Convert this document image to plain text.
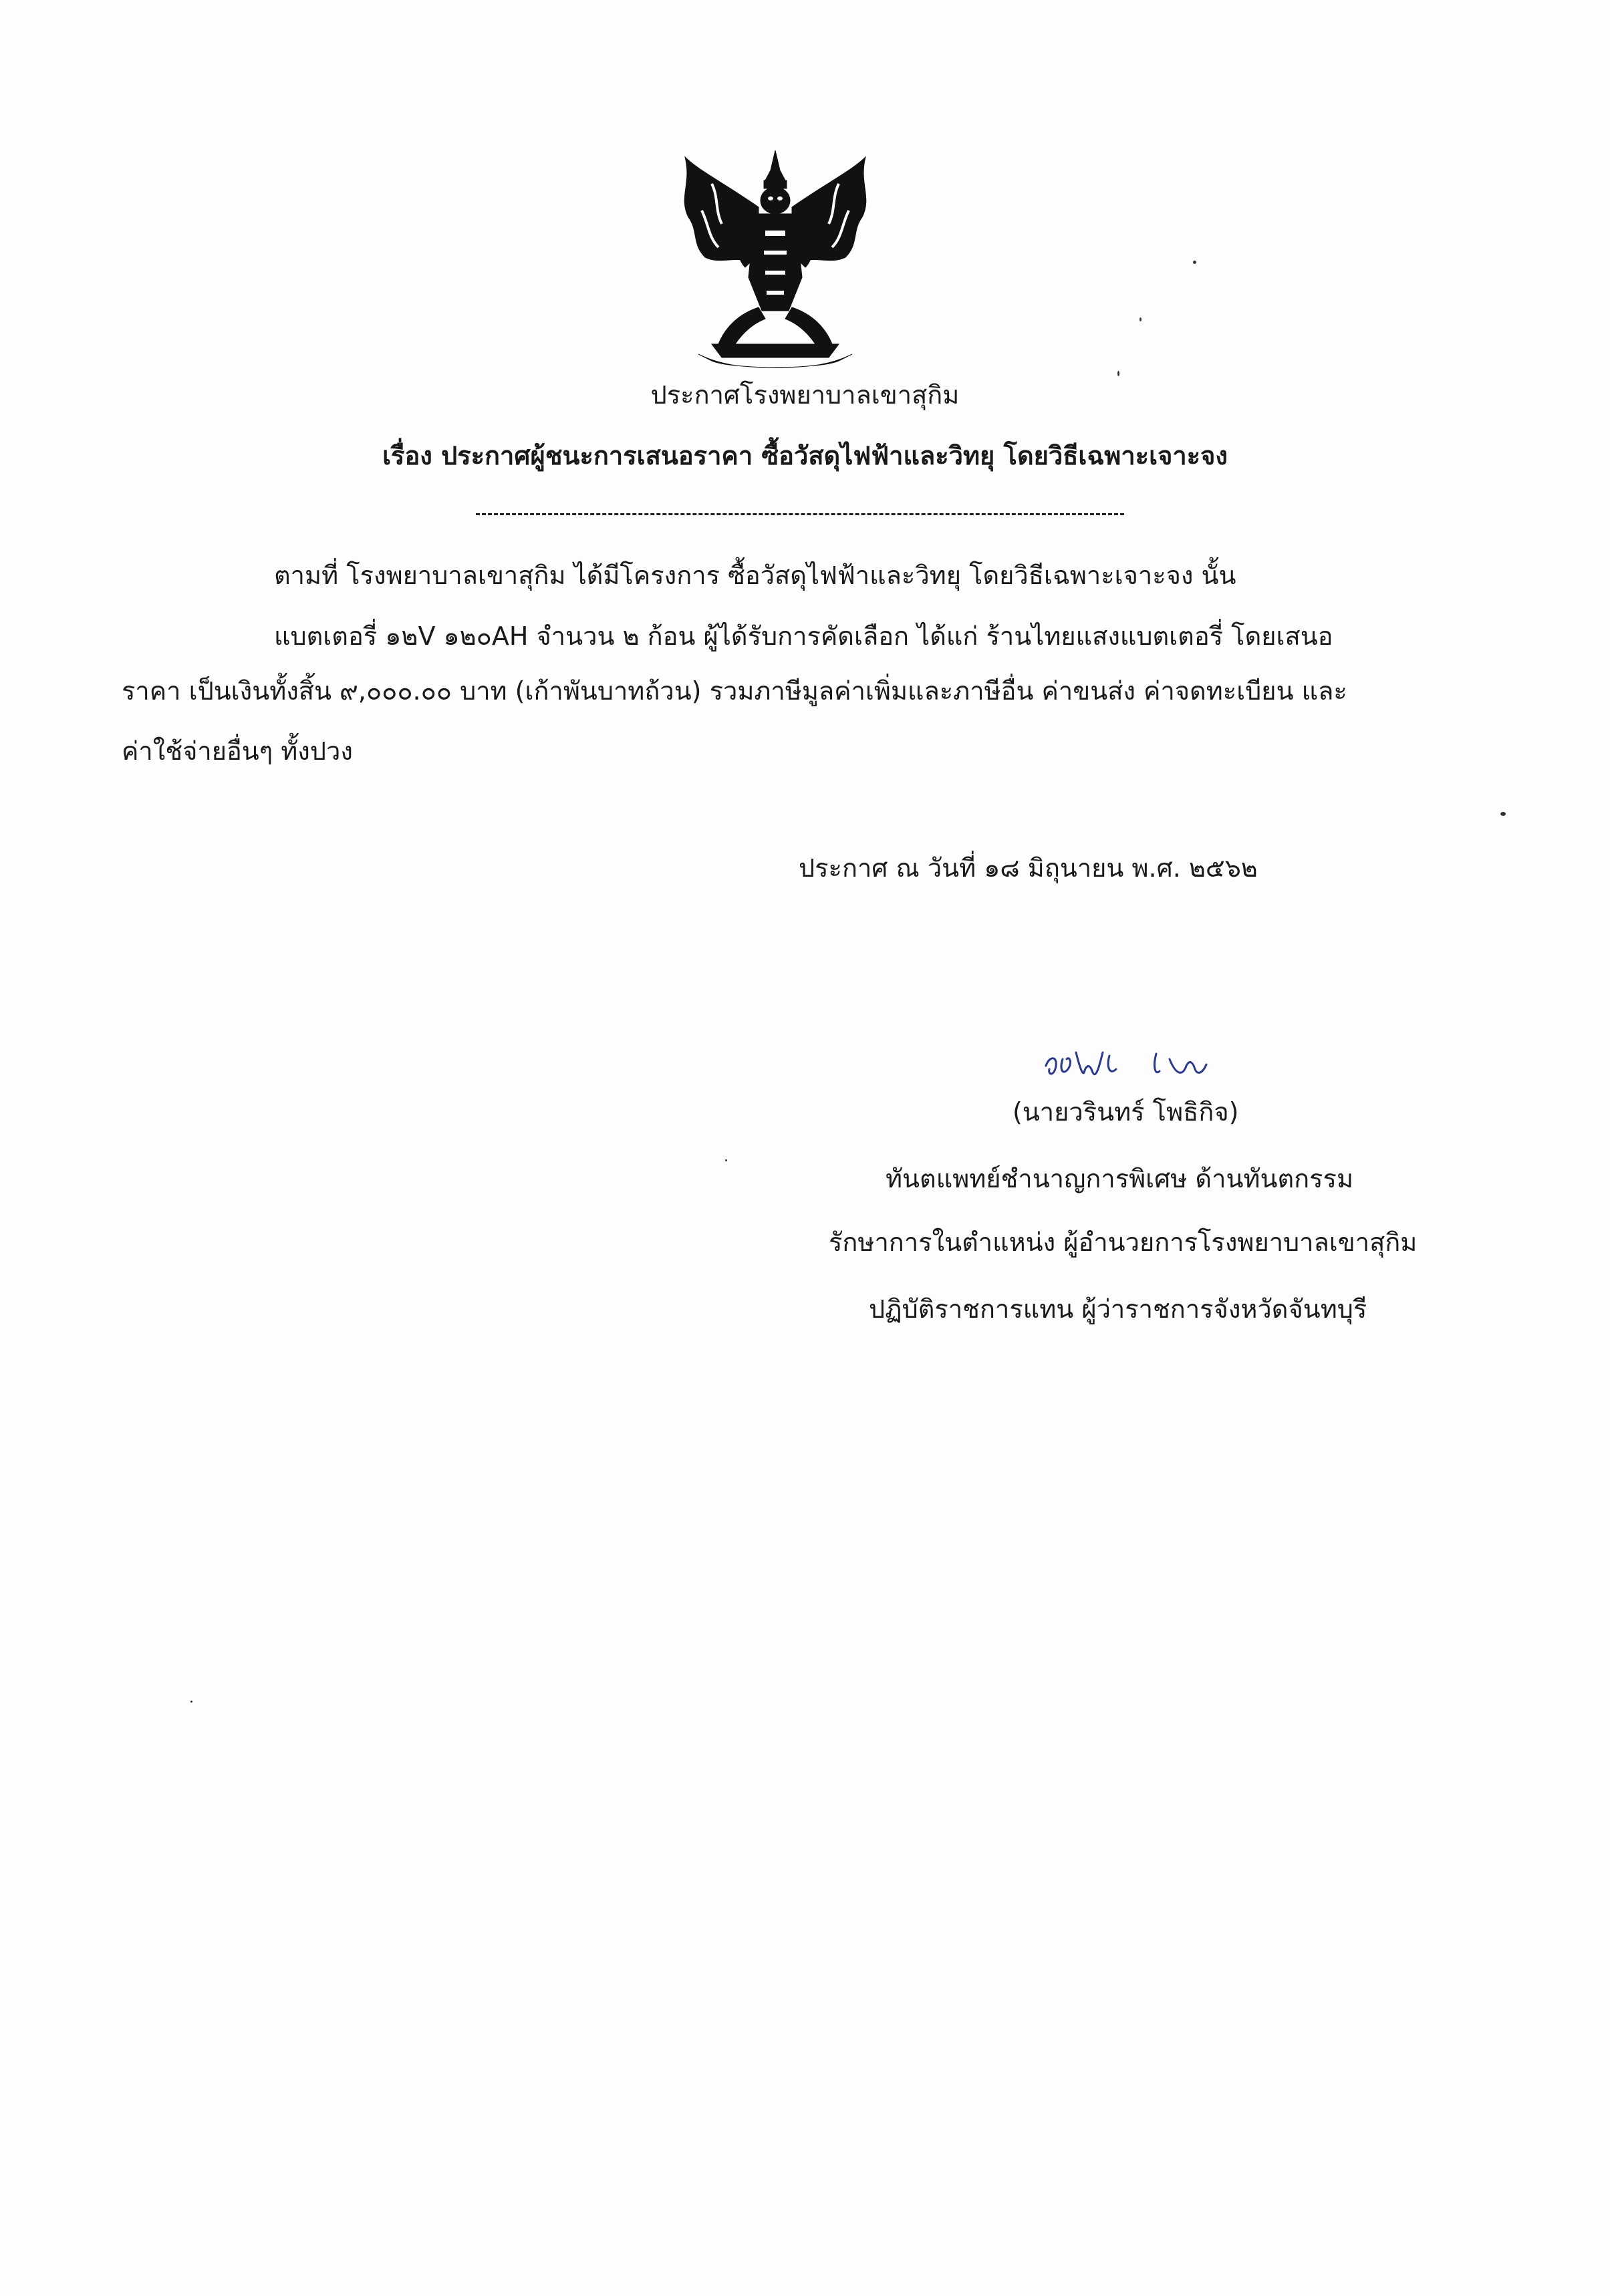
ประกาศโรงพยาบาลเขาสุกิม
เรื่อง ประกาศผู้ชนะการเสนอราคา ซื้อวัสดุไฟฟ้าและวิทยุ โดยวิธีเฉพาะเจาะจง
ตามที่ โรงพยาบาลเขาสุกิม ได้มีโครงการ ซื้อวัสดุไฟฟ้าและวิทยุ โดยวิธีเฉพาะเจาะจง นั้น
แบตเตอรี่ ๑๒V ๑๒๐AH จำนวน ๒ ก้อน ผู้ได้รับการคัดเลือก ได้แก่ ร้านไทยแสงแบตเตอรี่ โดยเสนอ
ราคา เป็นเงินทั้งสิ้น ๙,๐๐๐.๐๐ บาท (เก้าพันบาทถ้วน) รวมภาษีมูลค่าเพิ่มและภาษีอื่น ค่าขนส่ง ค่าจดทะเบียน และ
ค่าใช้จ่ายอื่นๆ ทั้งปวง
ประกาศ ณ วันที่ ๑๘ มิถุนายน พ.ศ. ๒๕๖๒
(นายวรินทร์ โพธิกิจ)
ทันตแพทย์ชำนาญการพิเศษ ด้านทันตกรรม
รักษาการในตำแหน่ง ผู้อำนวยการโรงพยาบาลเขาสุกิม
ปฏิบัติราชการแทน ผู้ว่าราชการจังหวัดจันทบุรี
